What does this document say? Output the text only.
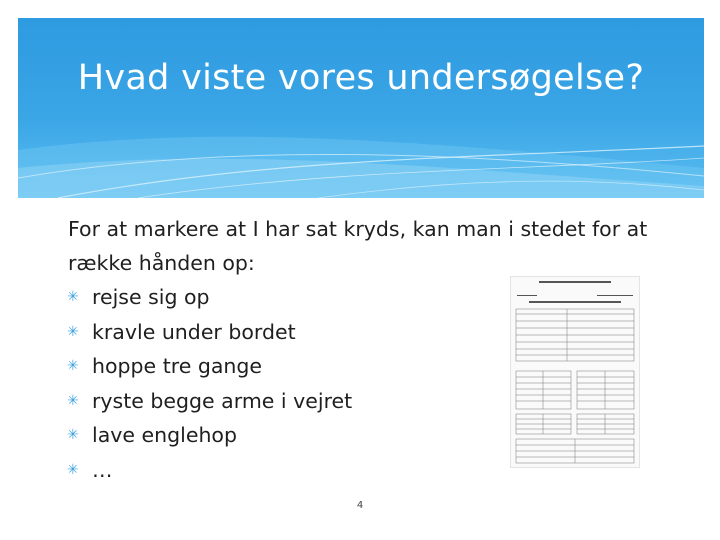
Hvad viste vores undersøgelse?

For at markere at I har sat kryds, kan man i stedet for at række hånden op:

✳ rejse sig op
✳ kravle under bordet
✳ hoppe tre gange
✳ ryste begge arme i vejret
✳ lave englehop
✳ …
4
